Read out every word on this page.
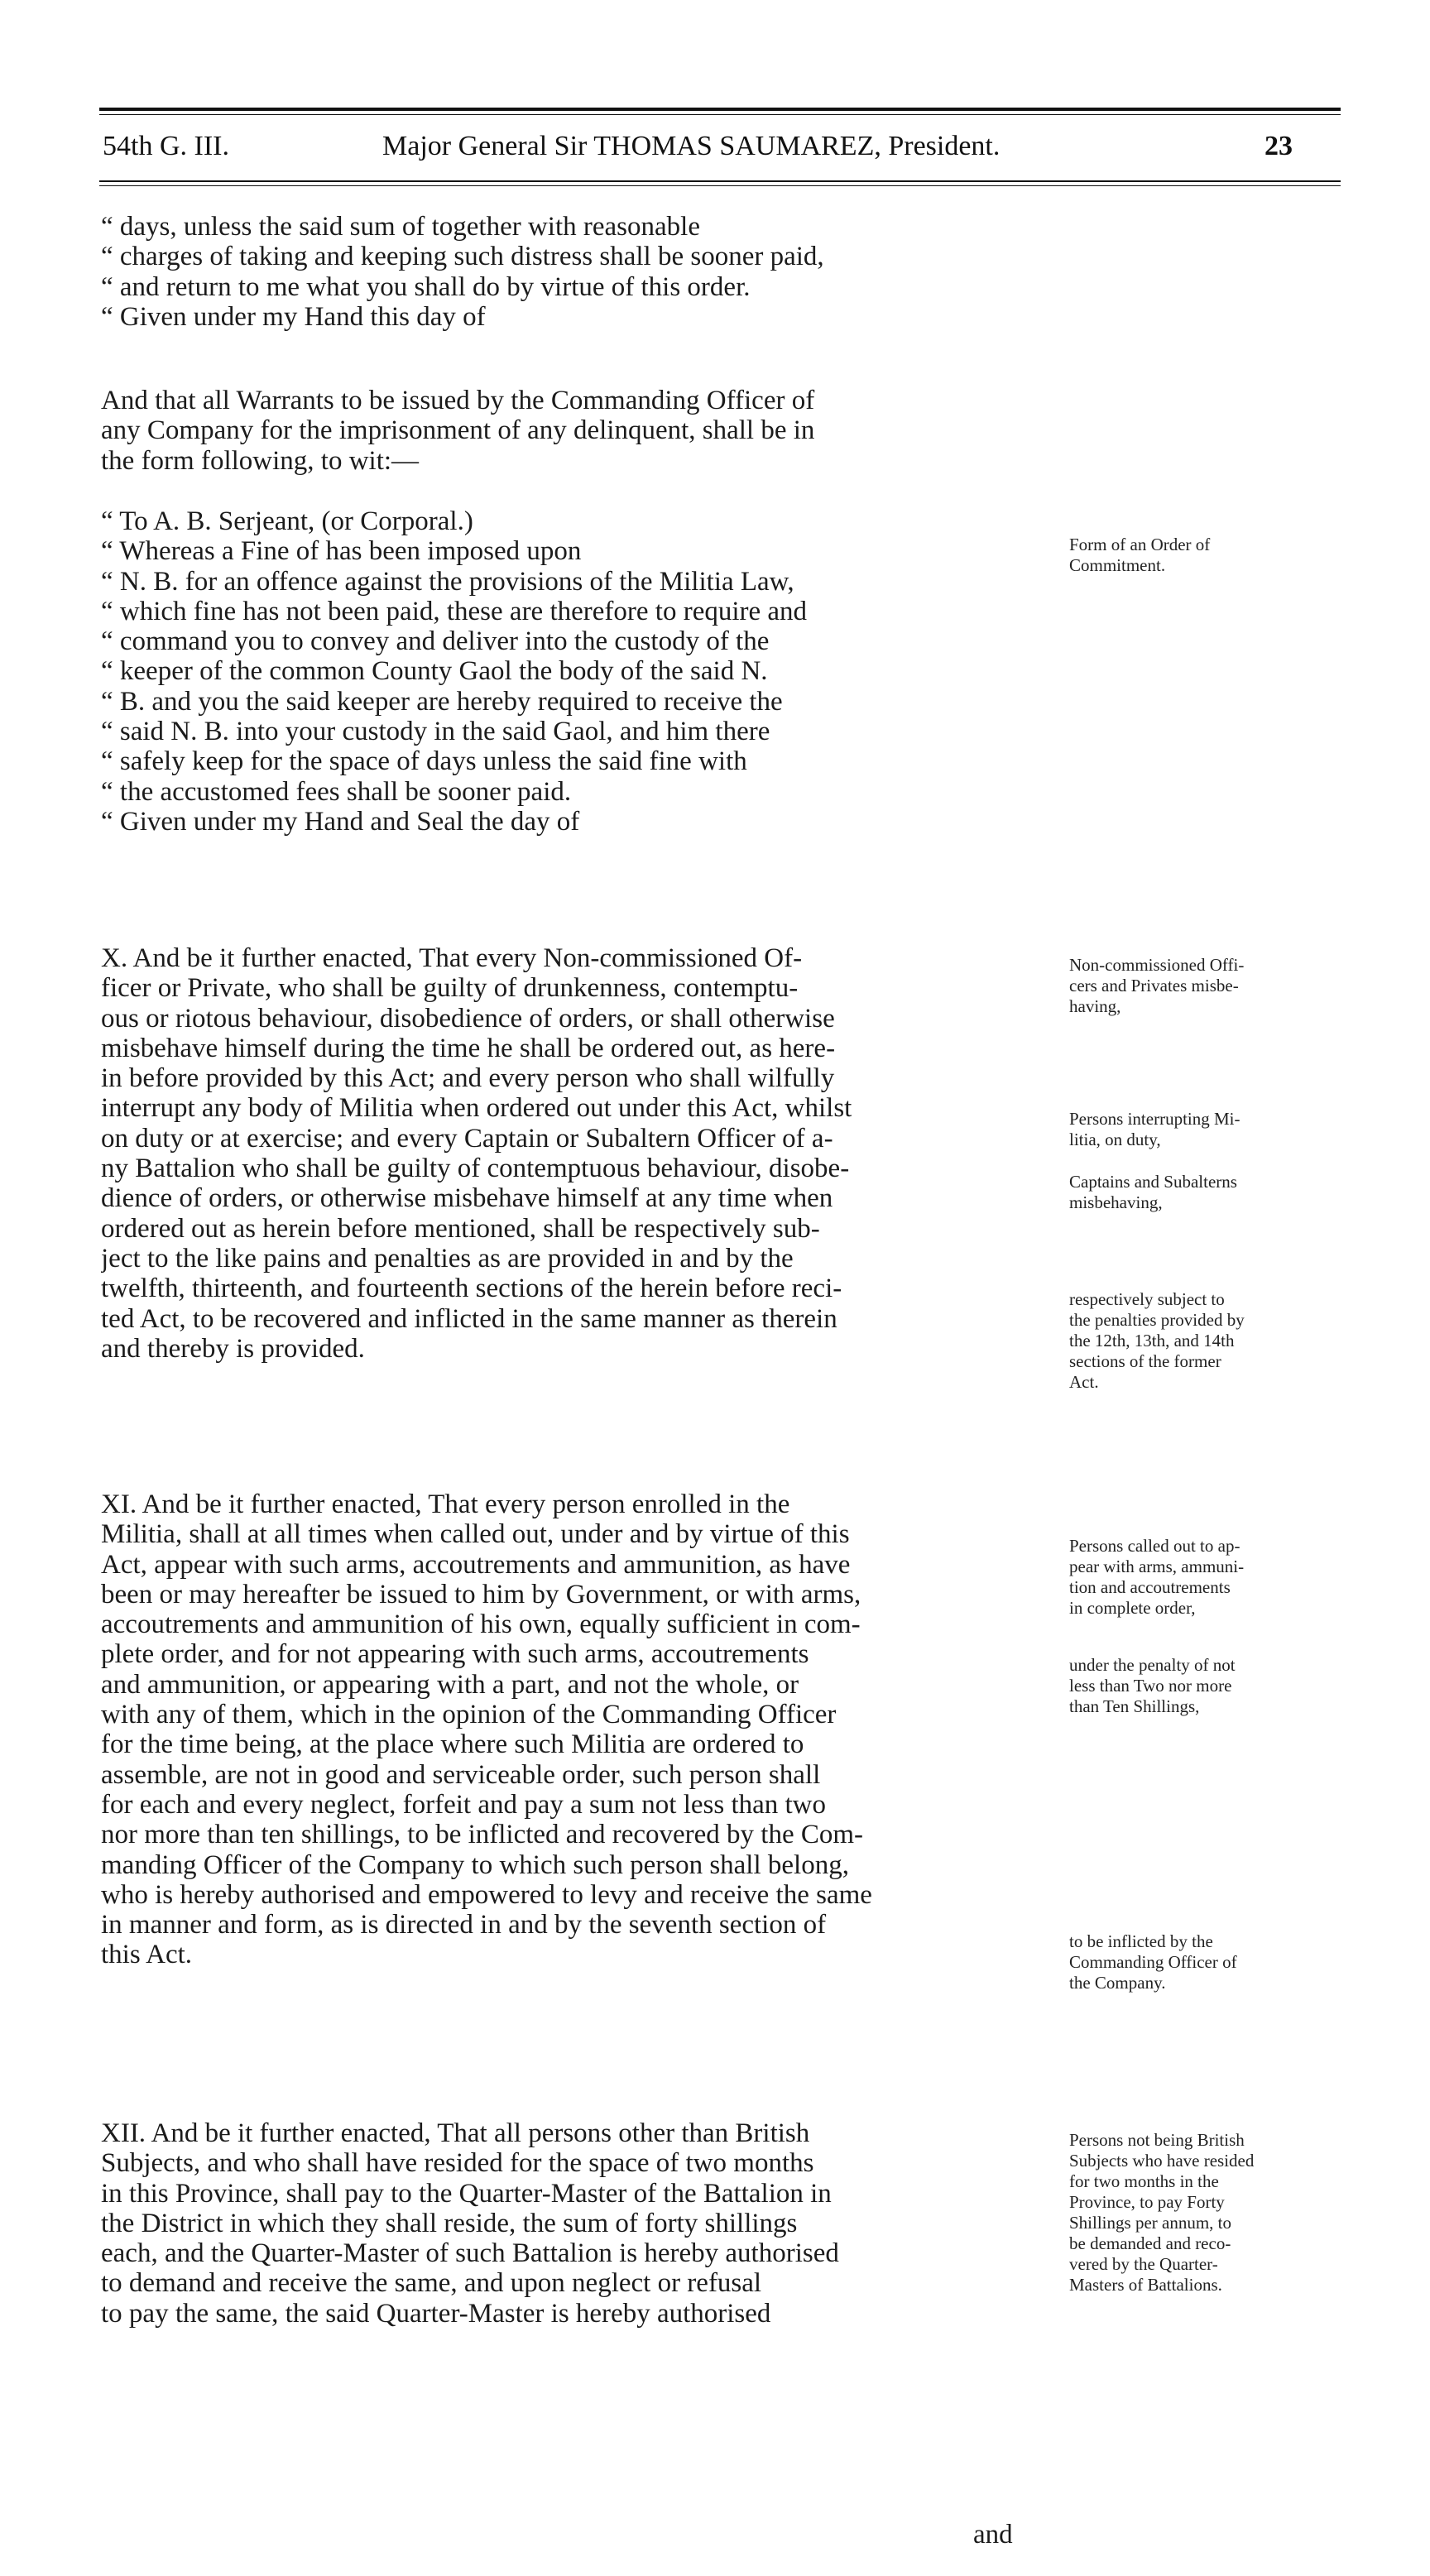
54th G. III.	Major General Sir THOMAS SAUMAREZ, President.	23
“ days, unless the said sum of together with reasonable
“ charges of taking and keeping such distress shall be sooner paid,
“ and return to me what you shall do by virtue of this order.
“ Given under my Hand this day of
And that all Warrants to be issued by the Commanding Officer of
any Company for the imprisonment of any delinquent, shall be in
the form following, to wit:—
“ To A. B. Serjeant, (or Corporal.)
“ Whereas a Fine of has been imposed upon
“ N. B. for an offence against the provisions of the Militia Law,
“ which fine has not been paid, these are therefore to require and
“ command you to convey and deliver into the custody of the
“ keeper of the common County Gaol the body of the said N.
“ B. and you the said keeper are hereby required to receive the
“ said N. B. into your custody in the said Gaol, and him there
“ safely keep for the space of days unless the said fine with
“ the accustomed fees shall be sooner paid.
“ Given under my Hand and Seal the day of
X. And be it further enacted, That every Non-commissioned Of-
ficer or Private, who shall be guilty of drunkenness, contemptu-
ous or riotous behaviour, disobedience of orders, or shall otherwise
misbehave himself during the time he shall be ordered out, as here-
in before provided by this Act; and every person who shall wilfully
interrupt any body of Militia when ordered out under this Act, whilst
on duty or at exercise; and every Captain or Subaltern Officer of a-
ny Battalion who shall be guilty of contemptuous behaviour, disobe-
dience of orders, or otherwise misbehave himself at any time when
ordered out as herein before mentioned, shall be respectively sub-
ject to the like pains and penalties as are provided in and by the
twelfth, thirteenth, and fourteenth sections of the herein before reci-
ted Act, to be recovered and inflicted in the same manner as therein
and thereby is provided.
XI. And be it further enacted, That every person enrolled in the
Militia, shall at all times when called out, under and by virtue of this
Act, appear with such arms, accoutrements and ammunition, as have
been or may hereafter be issued to him by Government, or with arms,
accoutrements and ammunition of his own, equally sufficient in com-
plete order, and for not appearing with such arms, accoutrements
and ammunition, or appearing with a part, and not the whole, or
with any of them, which in the opinion of the Commanding Officer
for the time being, at the place where such Militia are ordered to
assemble, are not in good and serviceable order, such person shall
for each and every neglect, forfeit and pay a sum not less than two
nor more than ten shillings, to be inflicted and recovered by the Com-
manding Officer of the Company to which such person shall belong,
who is hereby authorised and empowered to levy and receive the same
in manner and form, as is directed in and by the seventh section of
this Act.
XII. And be it further enacted, That all persons other than British
Subjects, and who shall have resided for the space of two months
in this Province, shall pay to the Quarter-Master of the Battalion in
the District in which they shall reside, the sum of forty shillings
each, and the Quarter-Master of such Battalion is hereby authorised
to demand and receive the same, and upon neglect or refusal
to pay the same, the said Quarter-Master is hereby authorised
Form of an Order of
Commitment.
Non-commissioned Offi-
cers and Privates misbe-
having,
Persons interrupting Mi-
litia, on duty,
Captains and Subalterns
misbehaving,
respectively subject to
the penalties provided by
the 12th, 13th, and 14th
sections of the former
Act.
Persons called out to ap-
pear with arms, ammuni-
tion and accoutrements
in complete order,
under the penalty of not
less than Two nor more
than Ten Shillings,
to be inflicted by the
Commanding Officer of
the Company.
Persons not being British
Subjects who have resided
for two months in the
Province, to pay Forty
Shillings per annum, to
be demanded and reco-
vered by the Quarter-
Masters of Battalions.
and
